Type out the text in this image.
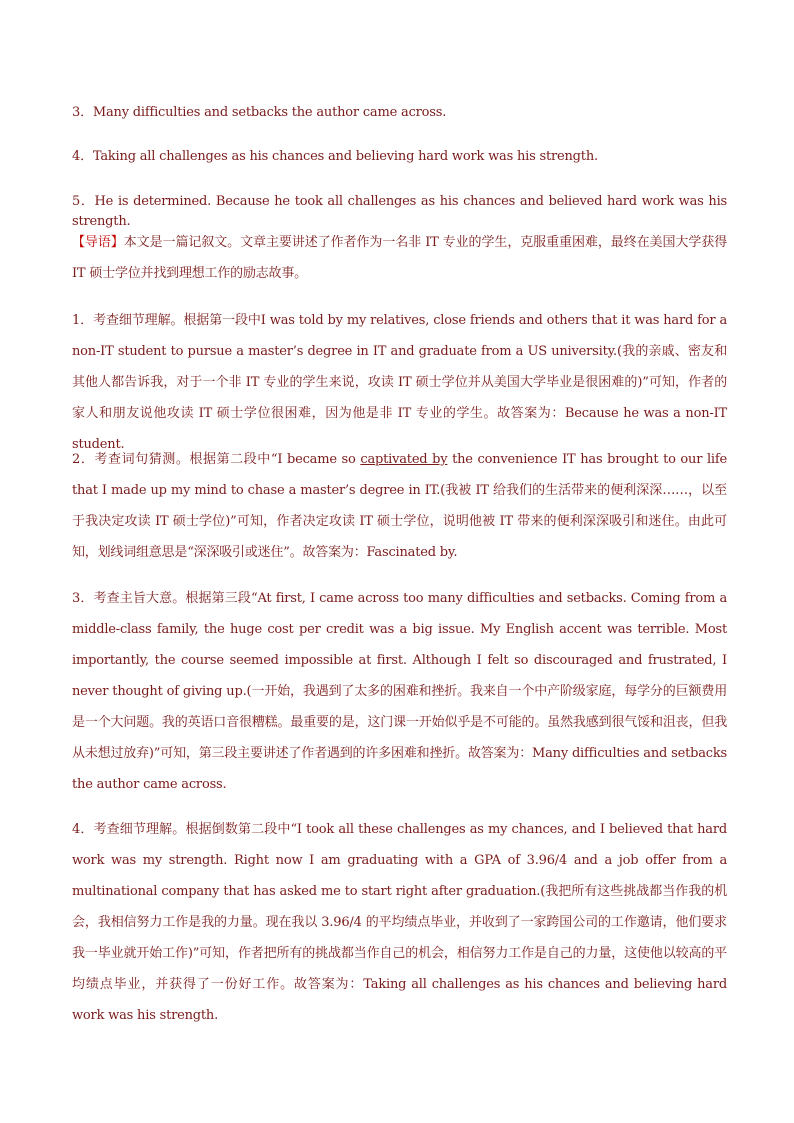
3．Many difficulties and setbacks the author came across.
4．Taking all challenges as his chances and believing hard work was his strength.
5．He is determined. Because he took all challenges as his chances and believed hard work was his strength.
【导语】本文是一篇记叙文。文章主要讲述了作者作为一名非 IT 专业的学生，克服重重困难，最终在美国大学获得 IT 硕士学位并找到理想工作的励志故事。
1．考查细节理解。根据第一段中I was told by my relatives, close friends and others that it was hard for a non-IT student to pursue a master’s degree in IT and graduate from a US university.(我的亲戚、密友和其他人都告诉我，对于一个非 IT 专业的学生来说，攻读 IT 硕士学位并从美国大学毕业是很困难的)”可知，作者的家人和朋友说他攻读 IT 硕士学位很困难，因为他是非 IT 专业的学生。故答案为：Because he was a non-IT student.
2．考查词句猜测。根据第二段中“I became so captivated by the convenience IT has brought to our life that I made up my mind to chase a master’s degree in IT.(我被 IT 给我们的生活带来的便利深深……，以至于我决定攻读 IT 硕士学位)”可知，作者决定攻读 IT 硕士学位，说明他被 IT 带来的便利深深吸引和迷住。由此可知，划线词组意思是“深深吸引或迷住”。故答案为：Fascinated by.
3．考查主旨大意。根据第三段“At first, I came across too many difficulties and setbacks. Coming from a middle-class family, the huge cost per credit was a big issue. My English accent was terrible. Most importantly, the course seemed impossible at first. Although I felt so discouraged and frustrated, I never thought of giving up.(一开始，我遇到了太多的困难和挫折。我来自一个中产阶级家庭，每学分的巨额费用是一个大问题。我的英语口音很糟糕。最重要的是，这门课一开始似乎是不可能的。虽然我感到很气馁和沮丧，但我从未想过放弃)”可知，第三段主要讲述了作者遇到的许多困难和挫折。故答案为：Many difficulties and setbacks the author came across.
4．考查细节理解。根据倒数第二段中“I took all these challenges as my chances, and I believed that hard work was my strength. Right now I am graduating with a GPA of 3.96/4 and a job offer from a multinational company that has asked me to start right after graduation.(我把所有这些挑战都当作我的机会，我相信努力工作是我的力量。现在我以 3.96/4 的平均绩点毕业，并收到了一家跨国公司的工作邀请，他们要求我一毕业就开始工作)”可知，作者把所有的挑战都当作自己的机会，相信努力工作是自己的力量，这使他以较高的平均绩点毕业，并获得了一份好工作。故答案为：Taking all challenges as his chances and believing hard work was his strength.
